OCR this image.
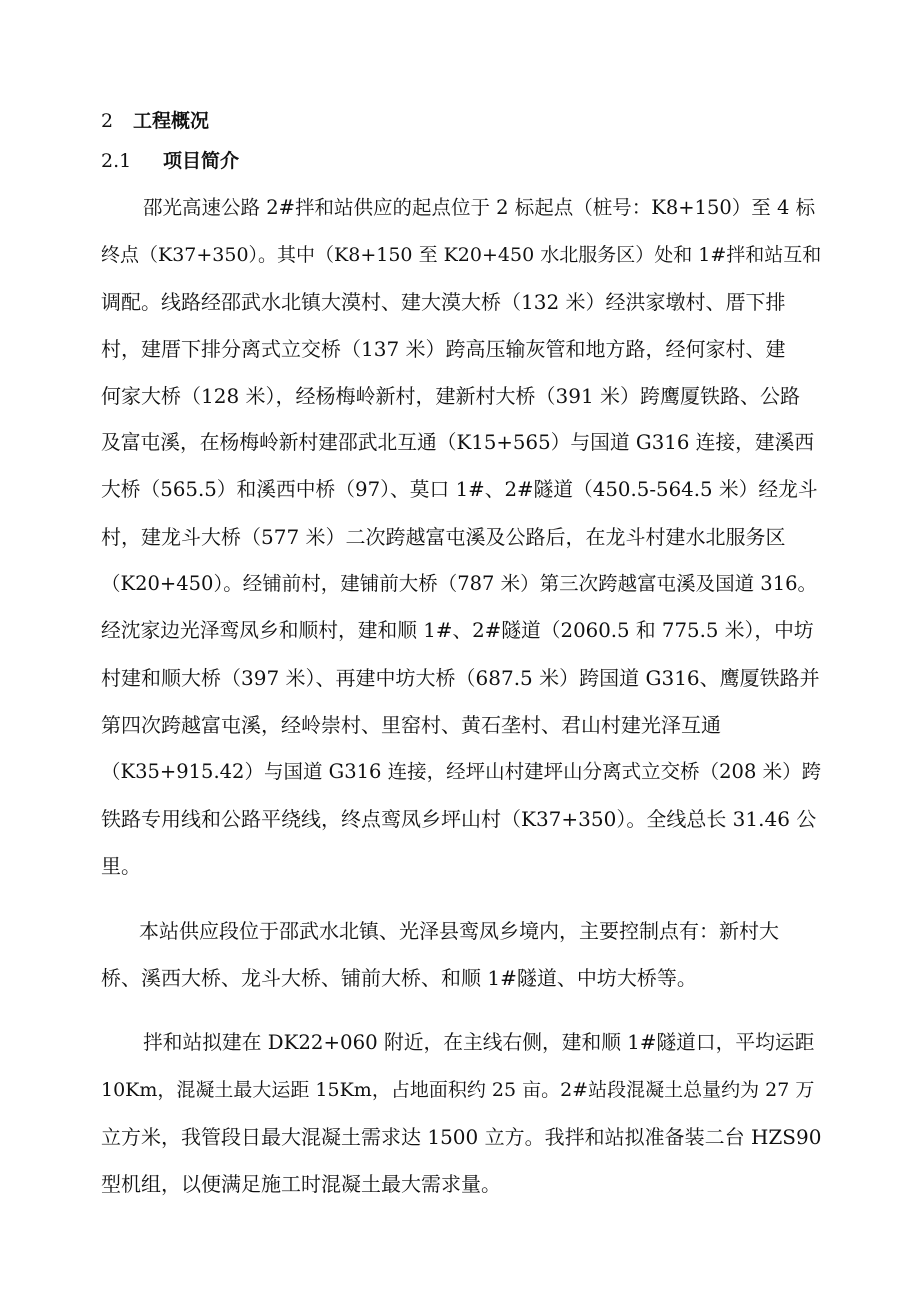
2 工程概况
2.1 项目简介
邵光高速公路 2#拌和站供应的起点位于 2 标起点（桩号：K8+150）至 4 标
终点（K37+350）。其中（K8+150 至 K20+450 水北服务区）处和 1#拌和站互和
调配。线路经邵武水北镇大漠村、建大漠大桥（132 米）经洪家墩村、厝下排
村，建厝下排分离式立交桥（137 米）跨高压输灰管和地方路，经何家村、建
何家大桥（128 米），经杨梅岭新村，建新村大桥（391 米）跨鹰厦铁路、公路
及富屯溪，在杨梅岭新村建邵武北互通（K15+565）与国道 G316 连接，建溪西
大桥（565.5）和溪西中桥（97）、莫口 1#、2#隧道（450.5-564.5 米）经龙斗
村，建龙斗大桥（577 米）二次跨越富屯溪及公路后，在龙斗村建水北服务区
（K20+450）。经铺前村，建铺前大桥（787 米）第三次跨越富屯溪及国道 316。
经沈家边光泽鸾凤乡和顺村，建和顺 1#、2#隧道（2060.5 和 775.5 米），中坊
村建和顺大桥（397 米）、再建中坊大桥（687.5 米）跨国道 G316、鹰厦铁路并
第四次跨越富屯溪，经岭崇村、里窑村、黄石垄村、君山村建光泽互通
（K35+915.42）与国道 G316 连接，经坪山村建坪山分离式立交桥（208 米）跨
铁路专用线和公路平绕线，终点鸾凤乡坪山村（K37+350）。全线总长 31.46 公
里。
本站供应段位于邵武水北镇、光泽县鸾凤乡境内，主要控制点有：新村大
桥、溪西大桥、龙斗大桥、铺前大桥、和顺 1#隧道、中坊大桥等。
拌和站拟建在 DK22+060 附近，在主线右侧，建和顺 1#隧道口，平均运距
10Km，混凝土最大运距 15Km，占地面积约 25 亩。2#站段混凝土总量约为 27 万
立方米，我管段日最大混凝土需求达 1500 立方。我拌和站拟准备装二台 HZS90
型机组，以便满足施工时混凝土最大需求量。
